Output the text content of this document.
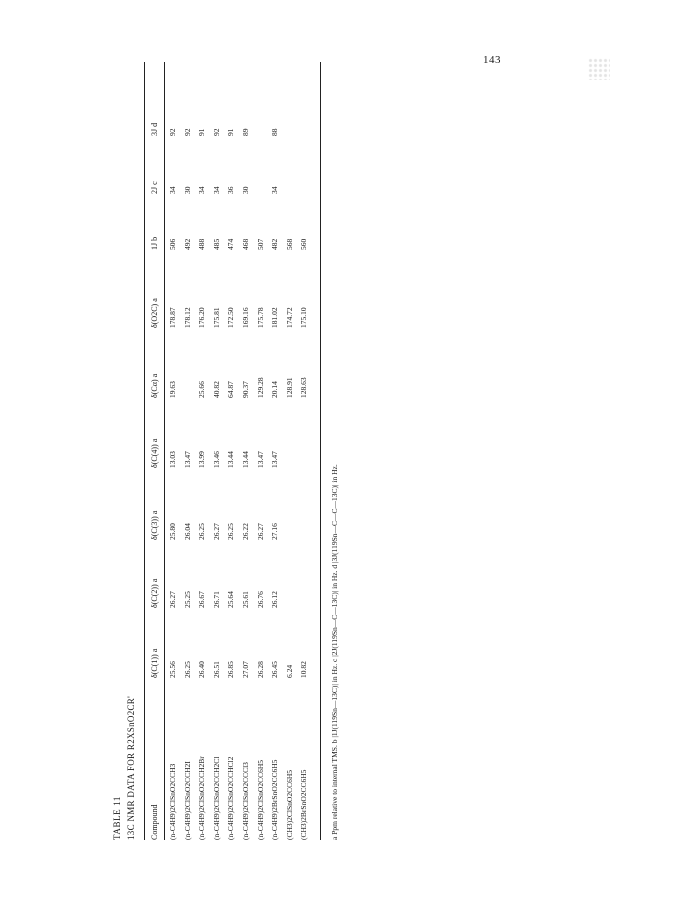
143
TABLE 11 13C NMR DATA FOR R2XSnO2CR' Compound
δ(C(1)) a
δ(C(2)) a
δ(C(3)) a
δ(C(4)) a
δ(Cα) a
δ(O2C) a
1J b
2J c
3J d
(n-C4H9)2ClSnO2CCH3
25.56
26.27
25.80
13.03
19.63
178.87
506
34
92
(n-C4H9)2ClSnO2CCH2I
26.25
25.25
26.04
13.47
178.12
492
30
92
(n-C4H9)2ClSnO2CCH2Br
26.40
26.67
26.25
13.99
25.66
176.20
488
34
91
(n-C4H9)2ClSnO2CCH2Cl
26.51
26.71
26.27
13.46
40.82
175.81
485
34
92
(n-C4H9)2ClSnO2CCHCl2
26.85
25.64
26.25
13.44
64.87
172.50
474
36
91
(n-C4H9)2ClSnO2CCCl3
27.07
25.61
26.22
13.44
90.37
169.16
468
30
89
(n-C4H9)2ClSnO2CC6H5
26.28
26.76
26.27
13.47
129.28
175.78
507
(n-C4H9)2BrSnO2CC6H5
26.45
26.12
27.16
13.47
20.14
181.02
482
34
88
(CH3)2ClSnO2CC6H5
6.24
128.91
174.72
568
(CH3)2BrSnO2CC6H5
10.82
128.63
175.10
560
a Ppm relative to internal TMS. b |1J(119Sn—13C)| in Hz. c |2J(119Sn—C—13C)| in Hz. d |3J(119Sn—C—C—13C)| in Hz.
